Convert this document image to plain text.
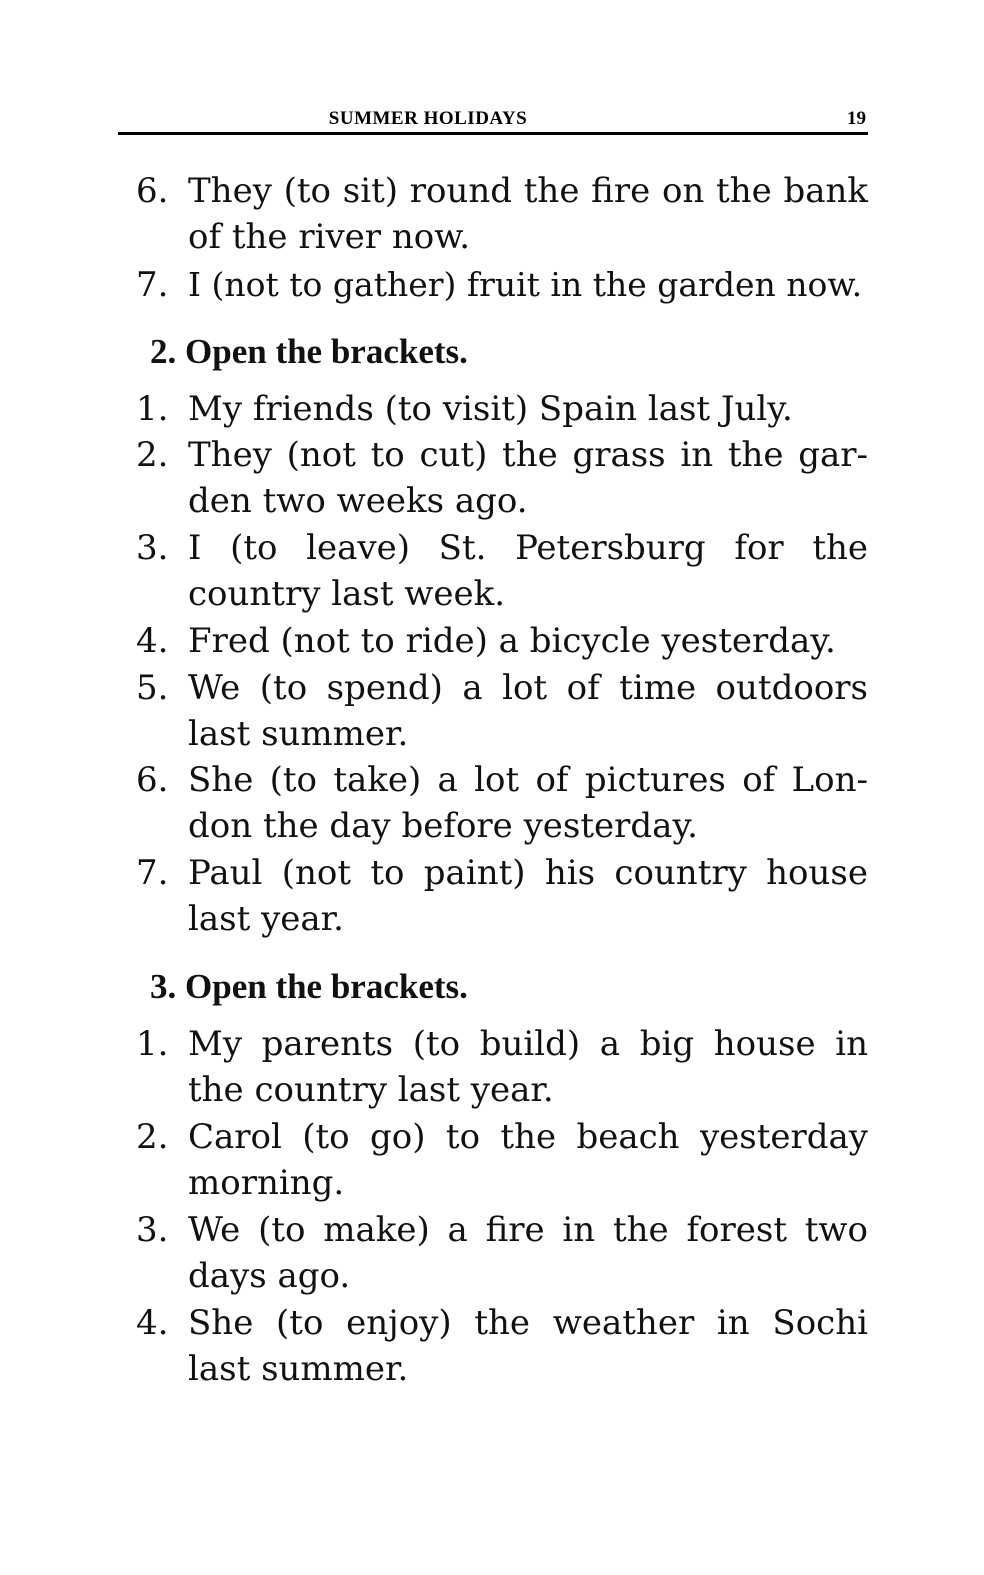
SUMMER HOLIDAYS	19
6. They (to sit) round the fire on the bank
of the river now.
7. I (not to gather) fruit in the garden now.
2. Open the brackets.
1. My friends (to visit) Spain last July.
2. They (not to cut) the grass in the gar-
den two weeks ago.
3. I (to leave) St. Petersburg for the
country last week.
4. Fred (not to ride) a bicycle yesterday.
5. We (to spend) a lot of time outdoors
last summer.
6. She (to take) a lot of pictures of Lon-
don the day before yesterday.
7. Paul (not to paint) his country house
last year.
3. Open the brackets.
1. My parents (to build) a big house in
the country last year.
2. Carol (to go) to the beach yesterday
morning.
3. We (to make) a fire in the forest two
days ago.
4. She (to enjoy) the weather in Sochi
last summer.
